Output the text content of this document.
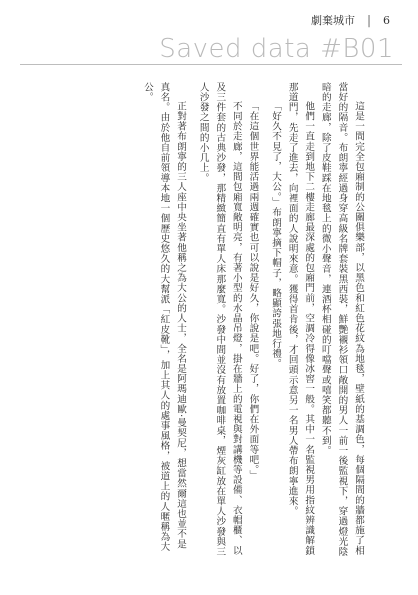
劇棄城市 | 6
Saved data #B01

這是一間完全包廂制的公關俱樂部，以黑色和紅色花紋為地毯，壁紙的基調色，每個隔間的牆都施了相當好的隔音。布朗寧經過身穿高級名牌套裝黑西裝，鮮艷襯衫領口敞開的男人一前一後監視下，穿過燈光陰暗的走廊，除了皮鞋踩在地毯上的微小聲音，連酒杯相碰的叮噹聲或嘻笑都聽不到。

他們一直走到地下二樓走廊最深處的包廂門前，空調冷得像冰窖一般。其中一名監視男用指紋辨識解鎖那道門，先走了進去，向裡面的人說明來意。獲得首肯後，才回頭示意另一名男人帶布朗寧進來。

「好久不見了，大公。」布朗寧摘下帽子，略顯誇張地行禮。

「在這個世界能活過兩週確實也可以說是好久，你說是吧。好了，你們在外面等吧。」

不同於走廊，這間包廂寬敞明亮，有著小型的水晶吊燈，掛在牆上的電視與對講機等設備、衣帽櫃、以及三件套的古典沙發，那精緻簡直有單人床那麼寬。沙發中間並沒有放置咖啡桌，煙灰缸放在單人沙發與三人沙發之間的小几上。

正對著布朗寧的三人座中央坐著他稱之為大公的人士，全名是阿瑪迪歐·曼契尼，想當然爾這也並不是真名。由於他自前領導本地一個歷史悠久的大幫派「紅皮靴」，加上其人的處事風格，被道上的人暱稱為大公。
